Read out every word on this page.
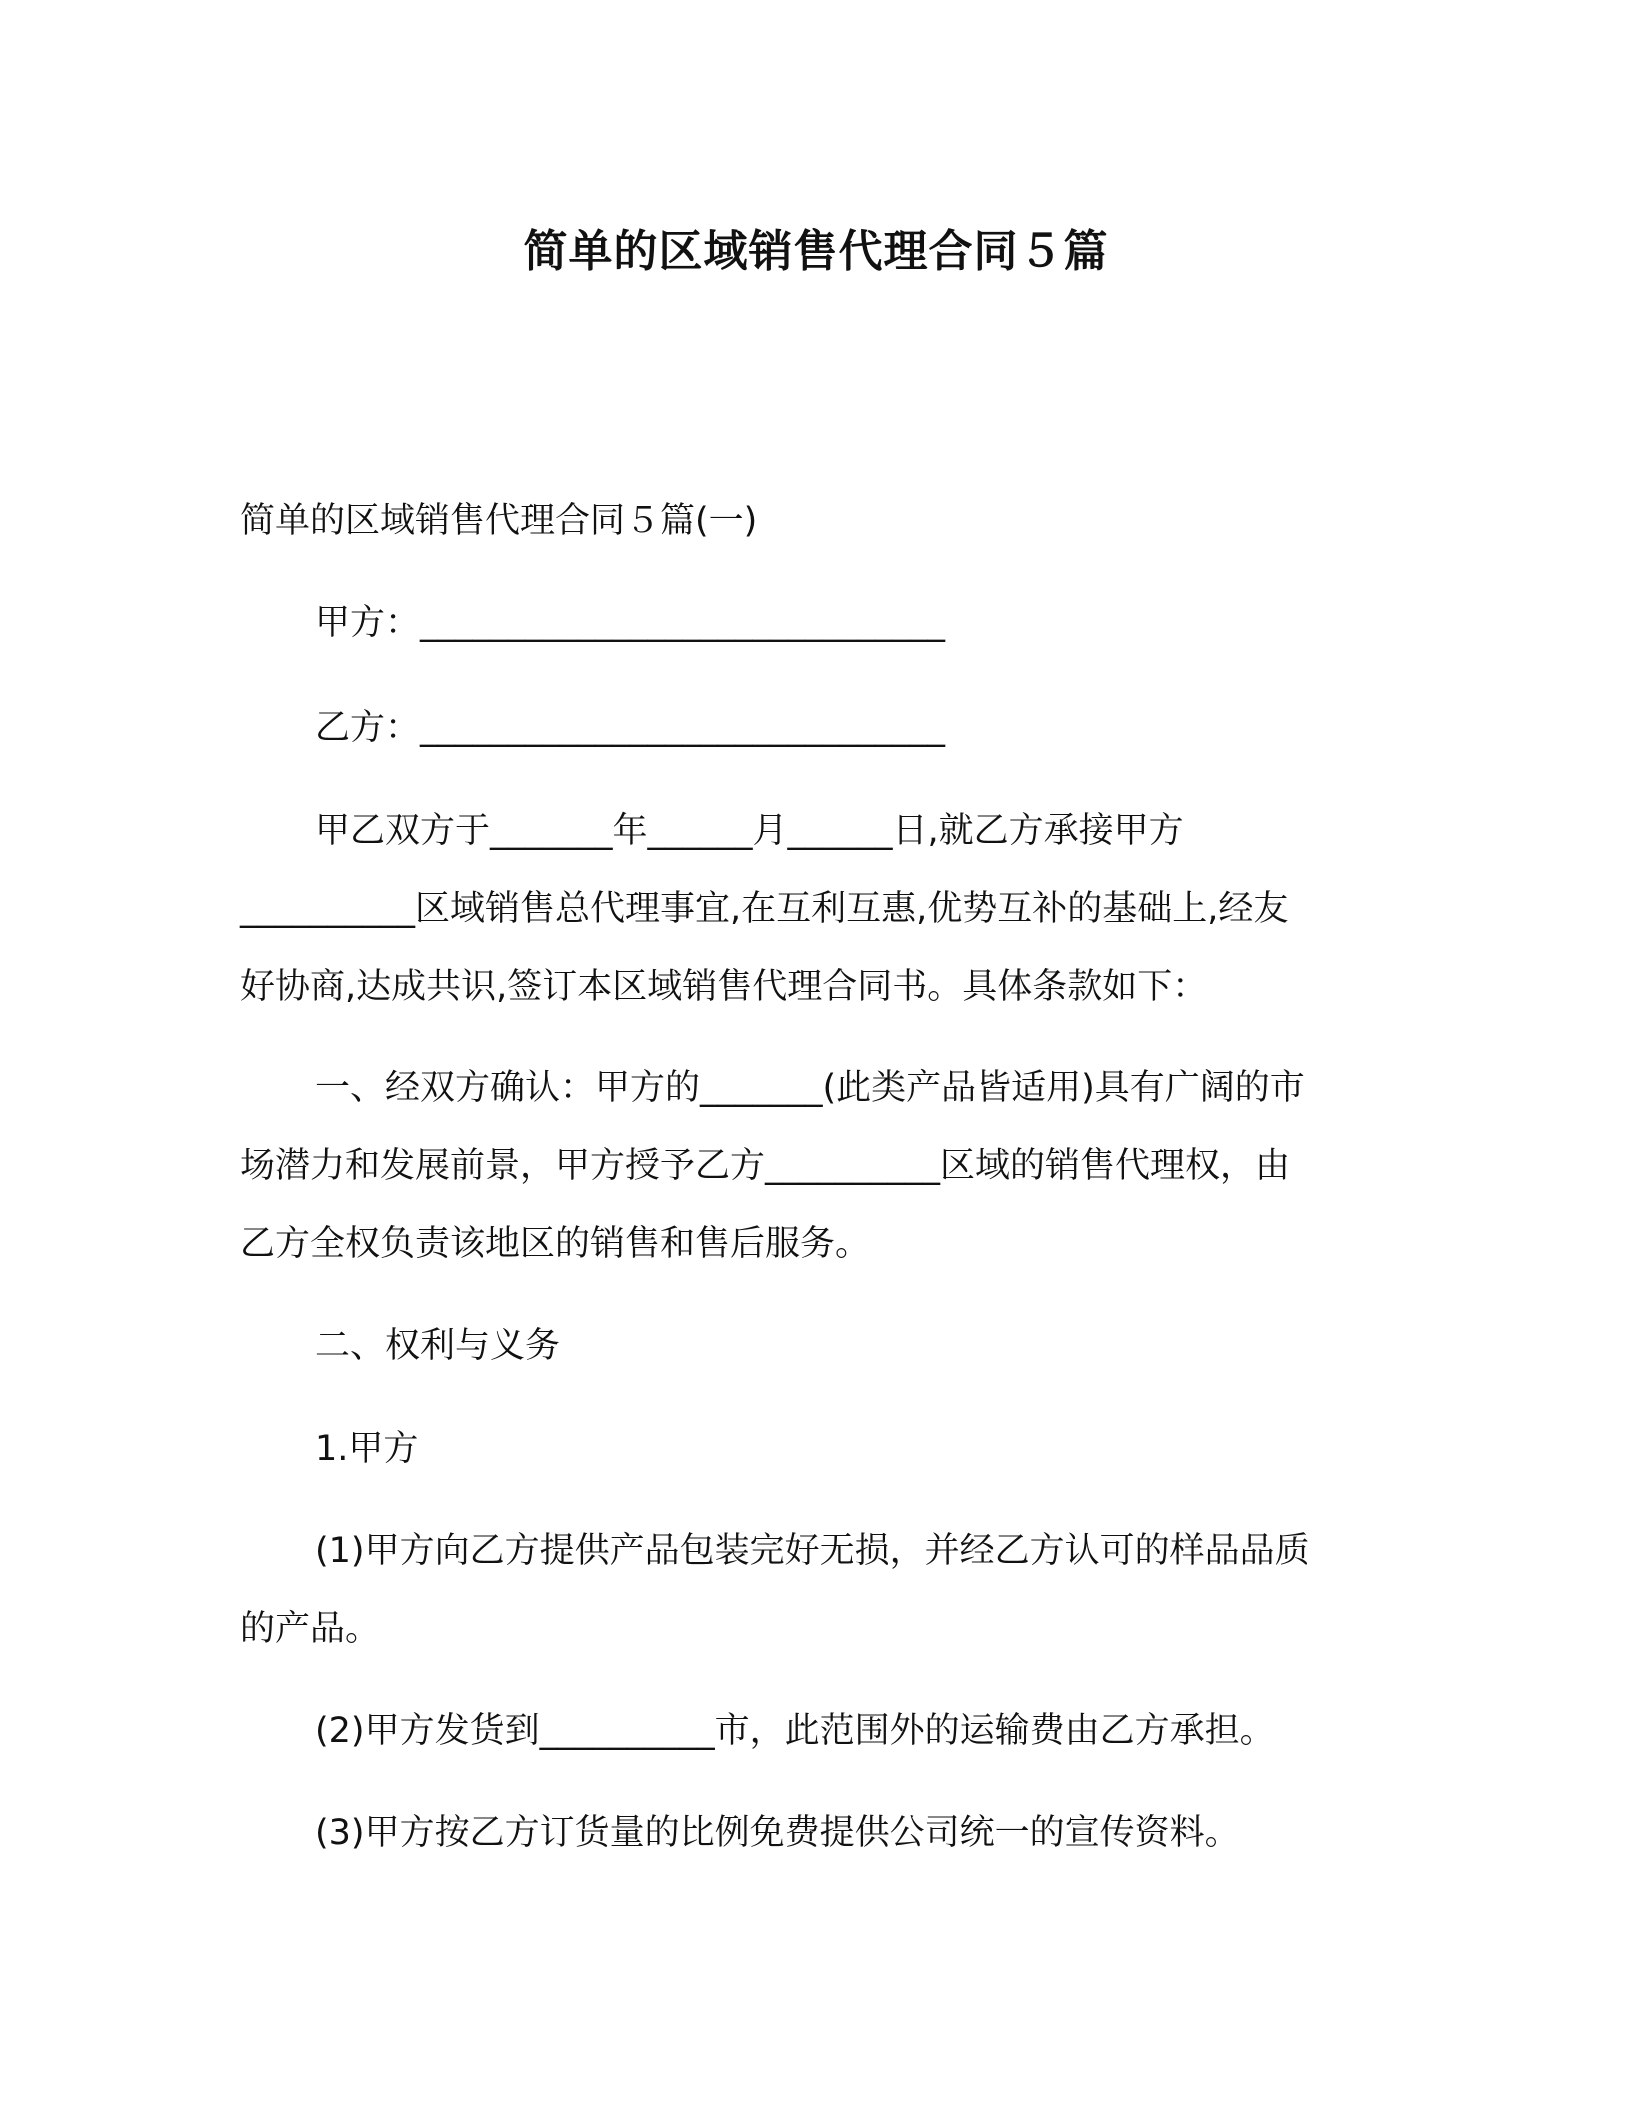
简单的区域销售代理合同５篇
简单的区域销售代理合同５篇(一)
甲方：______________________________
乙方：______________________________
甲乙双方于_______年______月______日,就乙方承接甲方
__________区域销售总代理事宜,在互利互惠,优势互补的基础上,经友
好协商,达成共识,签订本区域销售代理合同书。具体条款如下：
一、经双方确认：甲方的_______(此类产品皆适用)具有广阔的市
场潜力和发展前景，甲方授予乙方__________区域的销售代理权，由
乙方全权负责该地区的销售和售后服务。
二、权利与义务
1.甲方
(1)甲方向乙方提供产品包装完好无损，并经乙方认可的样品品质
的产品。
(2)甲方发货到__________市，此范围外的运输费由乙方承担。
(3)甲方按乙方订货量的比例免费提供公司统一的宣传资料。
